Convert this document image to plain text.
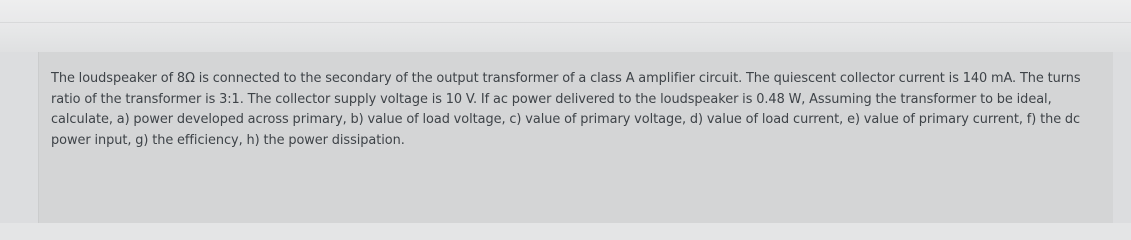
The loudspeaker of 8Ω is connected to the secondary of the output transformer of a class A amplifier circuit. The quiescent collector current is 140 mA. The turns ratio of the transformer is 3:1. The collector supply voltage is 10 V. If ac power delivered to the loudspeaker is 0.48 W, Assuming the transformer to be ideal, calculate, a) power developed across primary, b) value of load voltage, c) value of primary voltage, d) value of load current, e) value of primary current, f) the dc power input, g) the efficiency, h) the power dissipation.
